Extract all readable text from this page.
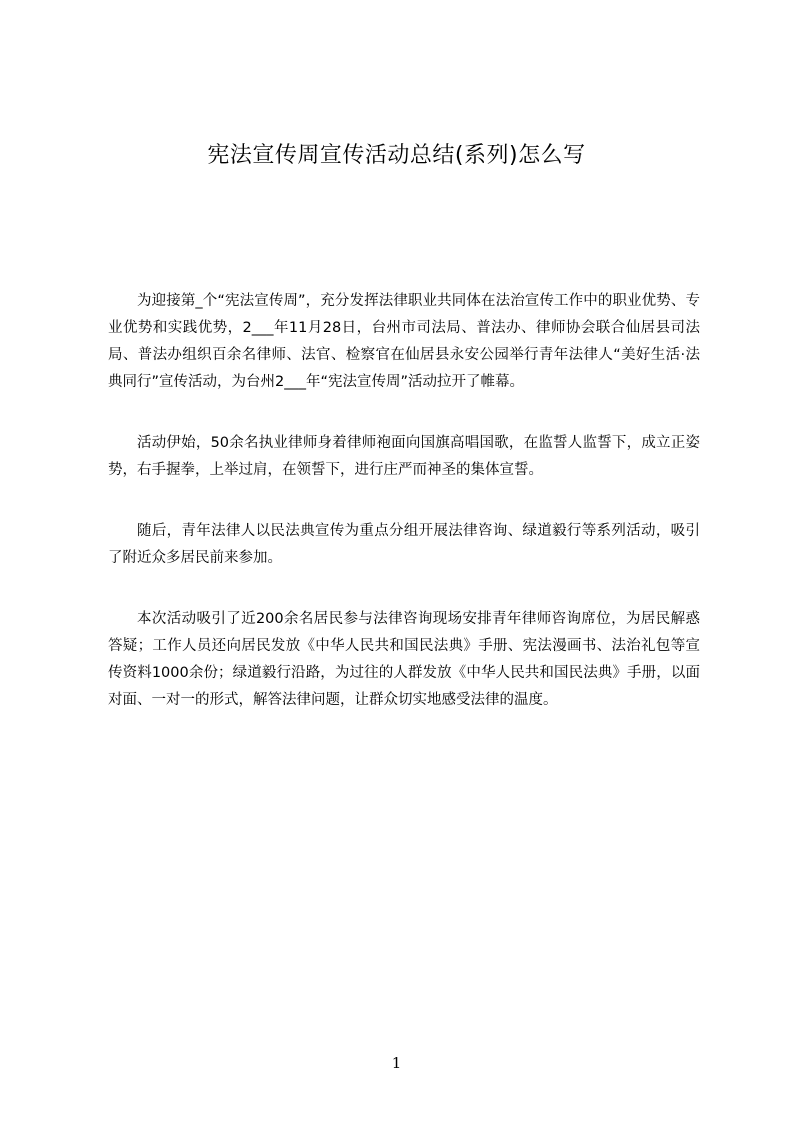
宪法宣传周宣传活动总结(系列)怎么写

为迎接第_个“宪法宣传周”，充分发挥法律职业共同体在法治宣传工作中的职业优势、专业优势和实践优势，2___年11月28日，台州市司法局、普法办、律师协会联合仙居县司法局、普法办组织百余名律师、法官、检察官在仙居县永安公园举行青年法律人“美好生活·法典同行”宣传活动，为台州2___年“宪法宣传周”活动拉开了帷幕。

活动伊始，50余名执业律师身着律师袍面向国旗高唱国歌，在监誓人监誓下，成立正姿势，右手握拳，上举过肩，在领誓下，进行庄严而神圣的集体宣誓。

随后，青年法律人以民法典宣传为重点分组开展法律咨询、绿道毅行等系列活动，吸引了附近众多居民前来参加。

本次活动吸引了近200余名居民参与法律咨询现场安排青年律师咨询席位，为居民解惑答疑；工作人员还向居民发放《中华人民共和国民法典》手册、宪法漫画书、法治礼包等宣传资料1000余份；绿道毅行沿路，为过往的人群发放《中华人民共和国民法典》手册，以面对面、一对一的形式，解答法律问题，让群众切实地感受法律的温度。

1
